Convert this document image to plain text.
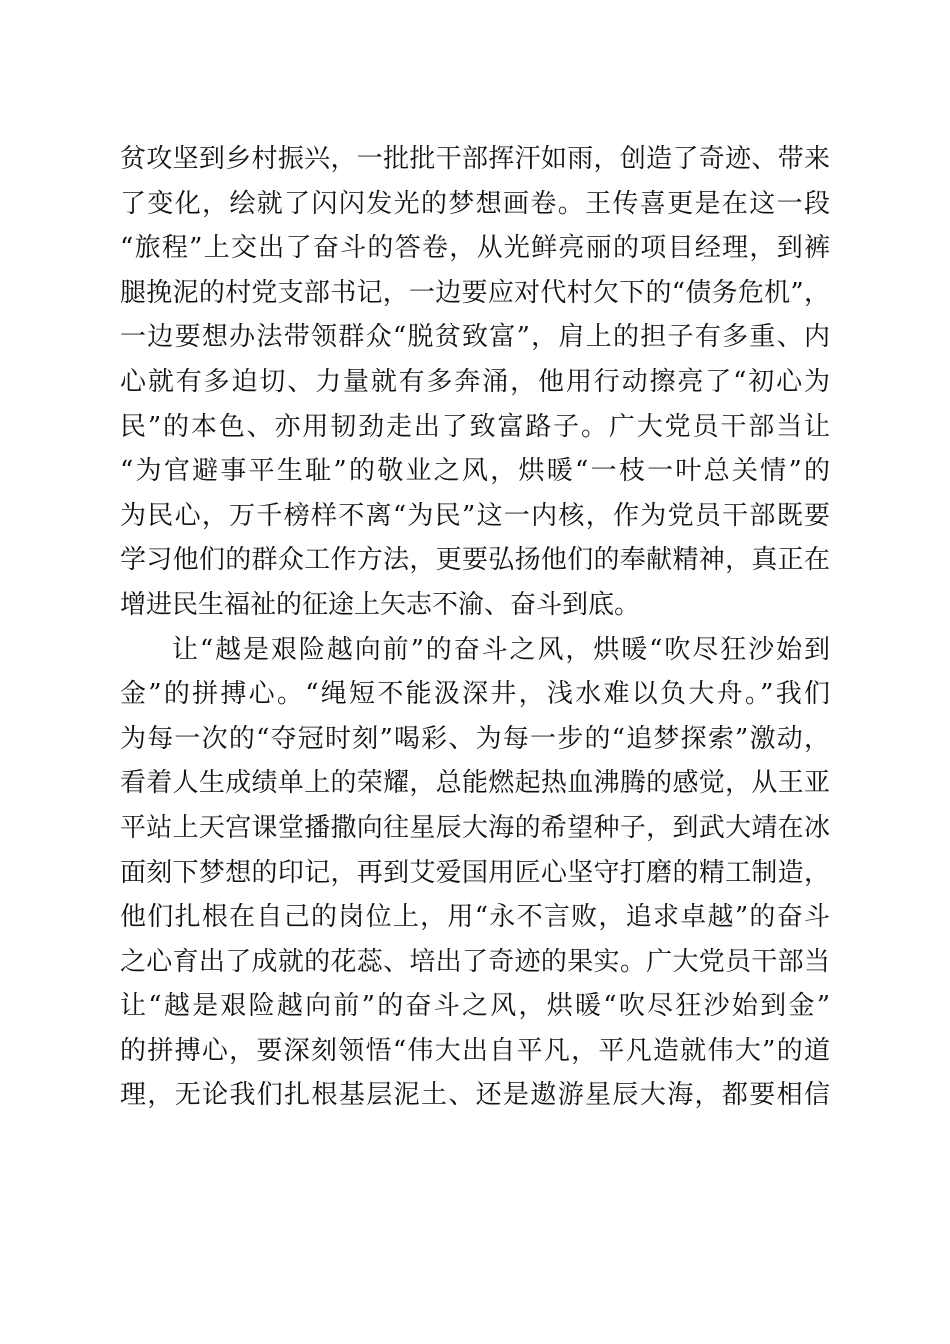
贫攻坚到乡村振兴，一批批干部挥汗如雨，创造了奇迹、带来
了变化，绘就了闪闪发光的梦想画卷。王传喜更是在这一段
“旅程”上交出了奋斗的答卷，从光鲜亮丽的项目经理，到裤
腿挽泥的村党支部书记，一边要应对代村欠下的“债务危机”，
一边要想办法带领群众“脱贫致富”，肩上的担子有多重、内
心就有多迫切、力量就有多奔涌，他用行动擦亮了“初心为
民”的本色、亦用韧劲走出了致富路子。广大党员干部当让
“为官避事平生耻”的敬业之风，烘暖“一枝一叶总关情”的
为民心，万千榜样不离“为民”这一内核，作为党员干部既要
学习他们的群众工作方法，更要弘扬他们的奉献精神，真正在
增进民生福祉的征途上矢志不渝、奋斗到底。
让“越是艰险越向前”的奋斗之风，烘暖“吹尽狂沙始到
金”的拼搏心。“绳短不能汲深井，浅水难以负大舟。”我们
为每一次的“夺冠时刻”喝彩、为每一步的“追梦探索”激动，
看着人生成绩单上的荣耀，总能燃起热血沸腾的感觉，从王亚
平站上天宫课堂播撒向往星辰大海的希望种子，到武大靖在冰
面刻下梦想的印记，再到艾爱国用匠心坚守打磨的精工制造，
他们扎根在自己的岗位上，用“永不言败，追求卓越”的奋斗
之心育出了成就的花蕊、培出了奇迹的果实。广大党员干部当
让“越是艰险越向前”的奋斗之风，烘暖“吹尽狂沙始到金”
的拼搏心，要深刻领悟“伟大出自平凡，平凡造就伟大”的道
理，无论我们扎根基层泥土、还是遨游星辰大海，都要相信
